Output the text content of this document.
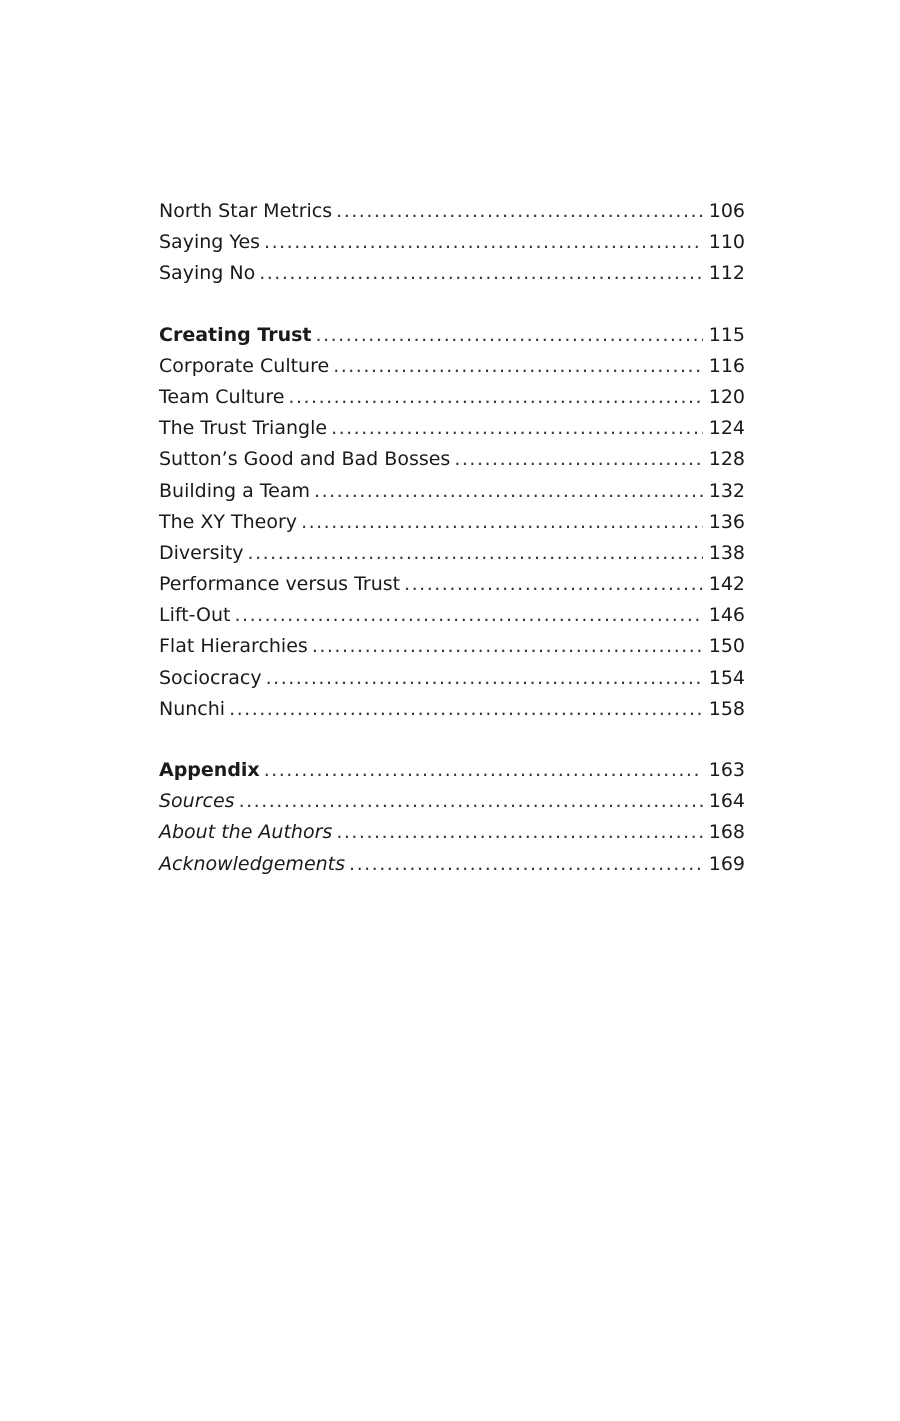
North Star Metrics .....	106
Saying Yes .....	110
Saying No .....	112
Creating Trust .....	115
Corporate Culture .....	116
Team Culture .....	120
The Trust Triangle .....	124
Sutton’s Good and Bad Bosses .....	128
Building a Team .....	132
The XY Theory .....	136
Diversity .....	138
Performance versus Trust .....	142
Lift-Out .....	146
Flat Hierarchies .....	150
Sociocracy .....	154
Nunchi .....	158
Appendix .....	163
Sources .....	164
About the Authors .....	168
Acknowledgements .....	169
